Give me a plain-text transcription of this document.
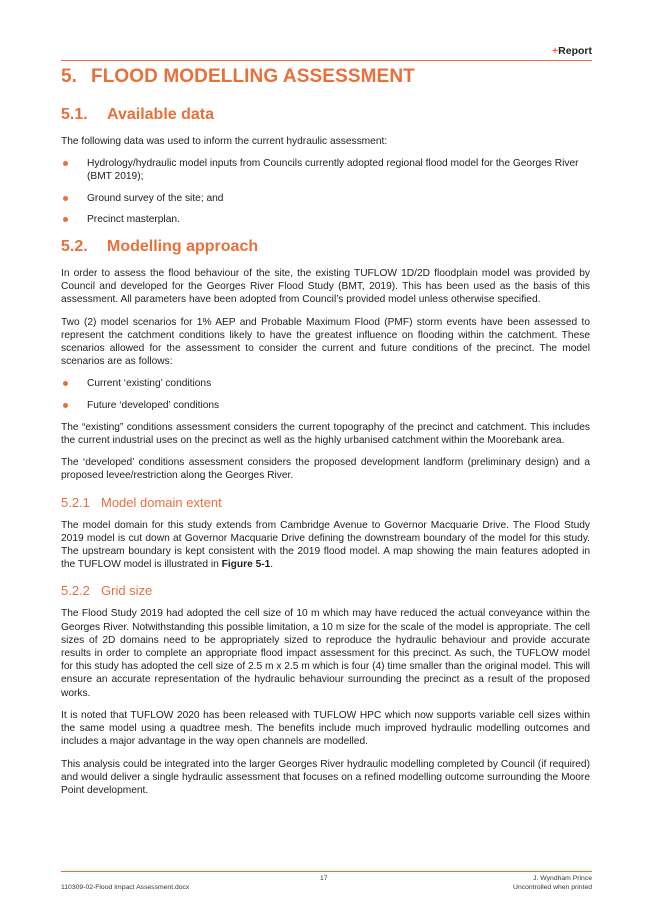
+Report
5. FLOOD MODELLING ASSESSMENT
5.1. Available data

The following data was used to inform the current hydraulic assessment:

Hydrology/hydraulic model inputs from Councils currently adopted regional flood model for the Georges River (BMT 2019);
Ground survey of the site; and
Precinct masterplan.
5.2. Modelling approach

In order to assess the flood behaviour of the site, the existing TUFLOW 1D/2D floodplain model was provided by Council and developed for the Georges River Flood Study (BMT, 2019). This has been used as the basis of this assessment. All parameters have been adopted from Council’s provided model unless otherwise specified.

Two (2) model scenarios for 1% AEP and Probable Maximum Flood (PMF) storm events have been assessed to represent the catchment conditions likely to have the greatest influence on flooding within the catchment. These scenarios allowed for the assessment to consider the current and future conditions of the precinct. The model scenarios are as follows:

Current ‘existing’ conditions
Future ‘developed’ conditions

The “existing” conditions assessment considers the current topography of the precinct and catchment. This includes the current industrial uses on the precinct as well as the highly urbanised catchment within the Moorebank area.

The ‘developed’ conditions assessment considers the proposed development landform (preliminary design) and a proposed levee/restriction along the Georges River.

5.2.1 Model domain extent

The model domain for this study extends from Cambridge Avenue to Governor Macquarie Drive. The Flood Study 2019 model is cut down at Governor Macquarie Drive defining the downstream boundary of the model for this study. The upstream boundary is kept consistent with the 2019 flood model. A map showing the main features adopted in the TUFLOW model is illustrated in Figure 5-1.

5.2.2 Grid size

The Flood Study 2019 had adopted the cell size of 10 m which may have reduced the actual conveyance within the Georges River. Notwithstanding this possible limitation, a 10 m size for the scale of the model is appropriate. The cell sizes of 2D domains need to be appropriately sized to reproduce the hydraulic behaviour and provide accurate results in order to complete an appropriate flood impact assessment for this precinct. As such, the TUFLOW model for this study has adopted the cell size of 2.5 m x 2.5 m which is four (4) time smaller than the original model. This will ensure an accurate representation of the hydraulic behaviour surrounding the precinct as a result of the proposed works.

It is noted that TUFLOW 2020 has been released with TUFLOW HPC which now supports variable cell sizes within the same model using a quadtree mesh. The benefits include much improved hydraulic modelling outcomes and includes a major advantage in the way open channels are modelled.

This analysis could be integrated into the larger Georges River hydraulic modelling completed by Council (if required) and would deliver a single hydraulic assessment that focuses on a refined modelling outcome surrounding the Moore Point development.

17	J. Wyndham Prince
110309-02-Flood Impact Assessment.docx	Uncontrolled when printed
